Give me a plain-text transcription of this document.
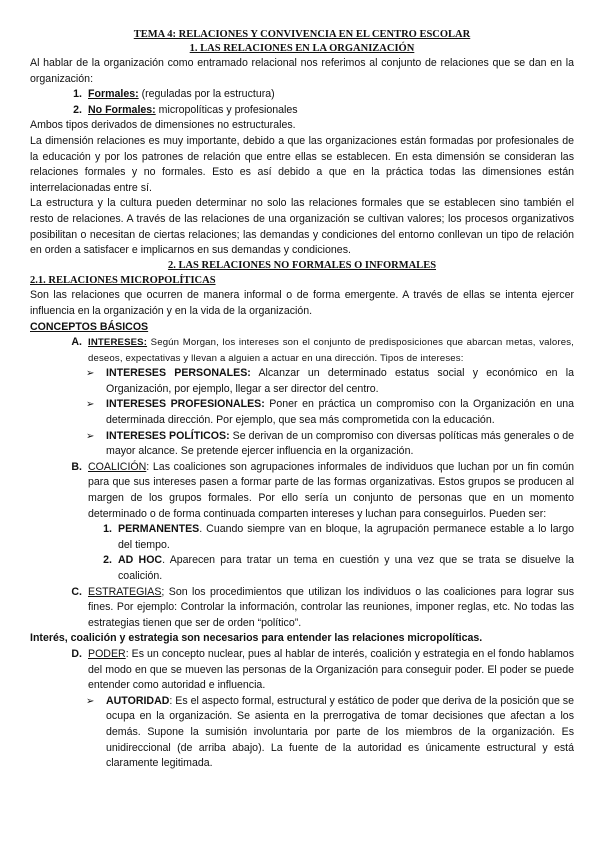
TEMA 4: RELACIONES Y CONVIVENCIA EN EL CENTRO ESCOLAR
1. LAS RELACIONES EN LA ORGANIZACIÓN

Al hablar de la organización como entramado relacional nos referimos al conjunto de relaciones que se dan en la organización:

1. Formales: (reguladas por la estructura)
2. No Formales: micropolíticas y profesionales

Ambos tipos derivados de dimensiones no estructurales.

La dimensión relaciones es muy importante, debido a que las organizaciones están formadas por profesionales de la educación y por los patrones de relación que entre ellas se establecen. En esta dimensión se consideran las relaciones formales y no formales. Esto es así debido a que en la práctica todas las dimensiones están interrelacionadas entre sí.

La estructura y la cultura pueden determinar no solo las relaciones formales que se establecen sino también el resto de relaciones. A través de las relaciones de una organización se cultivan valores; los procesos organizativos posibilitan o necesitan de ciertas relaciones; las demandas y condiciones del entorno conllevan un tipo de relación en orden a satisfacer e implicarnos en sus demandas y condiciones.

2. LAS RELACIONES NO FORMALES O INFORMALES
2.1. RELACIONES MICROPOLÍTICAS

Son las relaciones que ocurren de manera informal o de forma emergente. A través de ellas se intenta ejercer influencia en la organización y en la vida de la organización.

CONCEPTOS BÁSICOS
A. INTERESES: Según Morgan, los intereses son el conjunto de predisposiciones que abarcan metas, valores, deseos, expectativas y llevan a alguien a actuar en una dirección. Tipos de intereses:
➢	INTERESES PERSONALES: Alcanzar un determinado estatus social y económico en la Organización, por ejemplo, llegar a ser director del centro.
➢	INTERESES PROFESIONALES: Poner en práctica un compromiso con la Organización en una determinada dirección. Por ejemplo, que sea más comprometida con la educación.
➢	INTERESES POLÍTICOS: Se derivan de un compromiso con diversas políticas más generales o de mayor alcance. Se pretende ejercer influencia en la organización.
B. COALICIÓN: Las coaliciones son agrupaciones informales de individuos que luchan por un fin común para que sus intereses pasen a formar parte de las formas organizativas. Estos grupos se producen al margen de los grupos formales. Por ello sería un conjunto de personas que en un momento determinado o de forma continuada comparten intereses y luchan para conseguirlos. Pueden ser:
1. PERMANENTES. Cuando siempre van en bloque, la agrupación permanece estable a lo largo del tiempo.
2. AD HOC. Aparecen para tratar un tema en cuestión y una vez que se trata se disuelve la coalición.
C. ESTRATEGIAS; Son los procedimientos que utilizan los individuos o las coaliciones para lograr sus fines. Por ejemplo: Controlar la información, controlar las reuniones, imponer reglas, etc. No todas las estrategias tienen que ser de orden “político”.

Interés, coalición y estrategia son necesarios para entender las relaciones micropolíticas.

D. PODER: Es un concepto nuclear, pues al hablar de interés, coalición y estrategia en el fondo hablamos del modo en que se mueven las personas de la Organización para conseguir poder. El poder se puede entender como autoridad e influencia.
➢	AUTORIDAD: Es el aspecto formal, estructural y estático de poder que deriva de la posición que se ocupa en la organización. Se asienta en la prerrogativa de tomar decisiones que afectan a los demás. Supone la sumisión involuntaria por parte de los miembros de la organización. Es unidireccional (de arriba abajo). La fuente de la autoridad es únicamente estructural y está claramente legitimada.
